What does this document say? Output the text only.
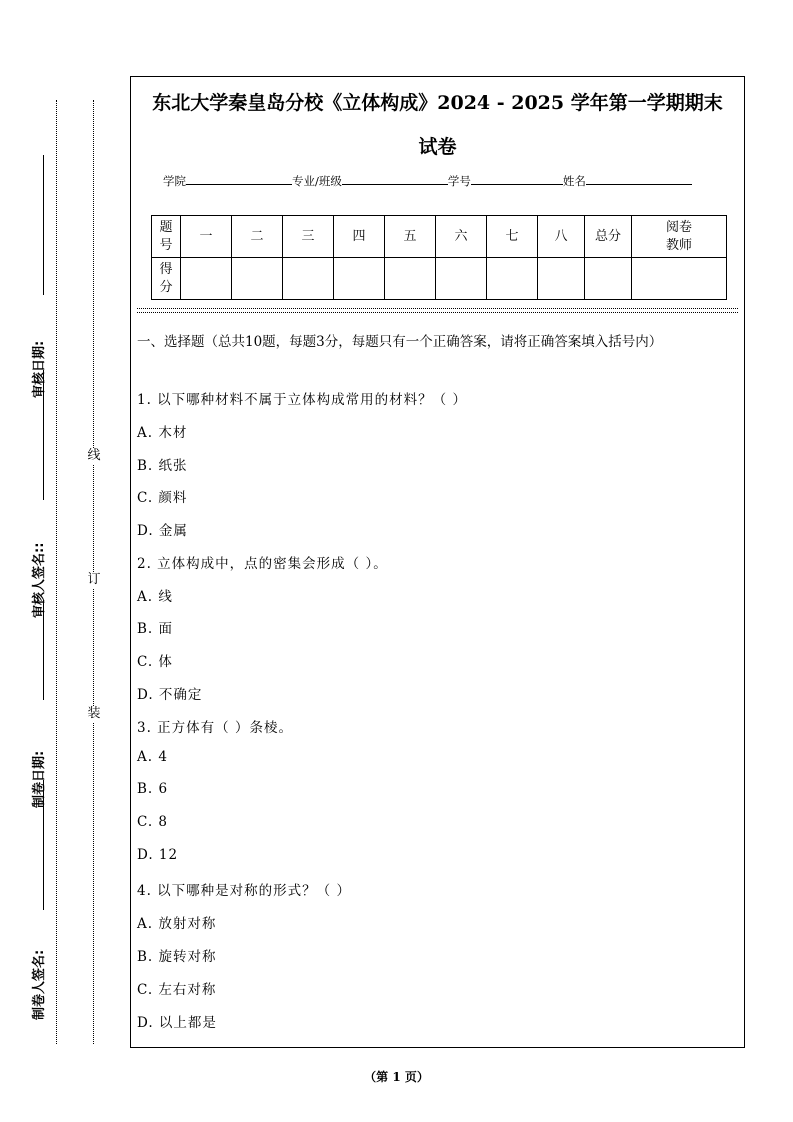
审核日期:
审核人签名::
制卷日期:
制卷人签名:
线
订
装
东北大学秦皇岛分校《立体构成》2024 - 2025 学年第一学期期末
试卷
学院	专业/班级	学号	姓名
题
号	一	二	三	四	五	六	七	八	总分	阅卷
教师
得
分										
一、选择题（总共10题，每题3分，每题只有一个正确答案，请将正确答案填入括号内）
1. 以下哪种材料不属于立体构成常用的材料？（ ）
A. 木材
B. 纸张
C. 颜料
D. 金属
2. 立体构成中，点的密集会形成（ ）。
A. 线
B. 面
C. 体
D. 不确定
3. 正方体有（ ）条棱。
A. 4
B. 6
C. 8
D. 12
4. 以下哪种是对称的形式？（ ）
A. 放射对称
B. 旋转对称
C. 左右对称
D. 以上都是
（第 1 页）
